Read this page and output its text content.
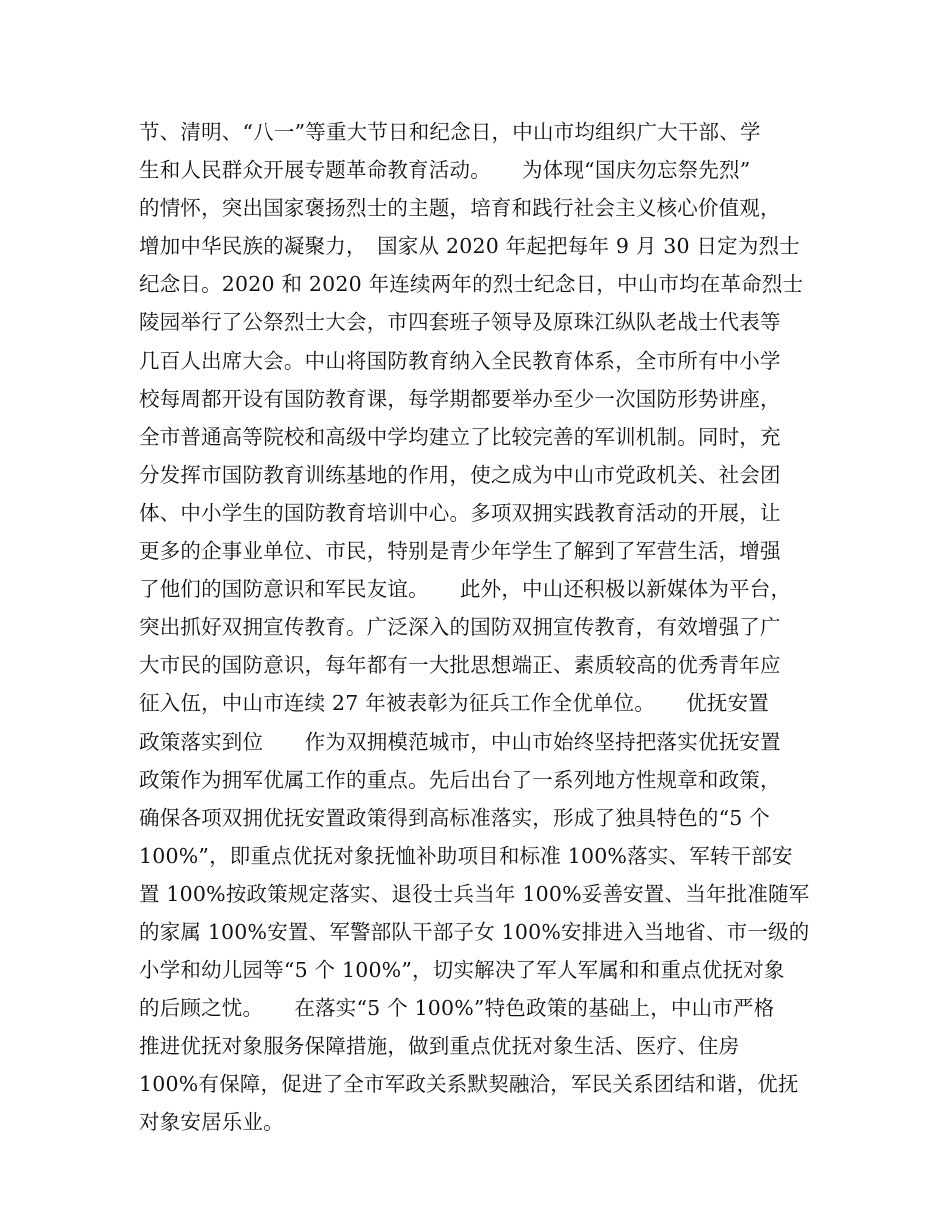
节、清明、“八一”等重大节日和纪念日，中山市均组织广大干部、学
生和人民群众开展专题革命教育活动。　　为体现“国庆勿忘祭先烈”
的情怀，突出国家褒扬烈士的主题，培育和践行社会主义核心价值观，
增加中华民族的凝聚力，　国家从 2020 年起把每年 9 月 30 日定为烈士
纪念日。2020 和 2020 年连续两年的烈士纪念日，中山市均在革命烈士
陵园举行了公祭烈士大会，市四套班子领导及原珠江纵队老战士代表等
几百人出席大会。中山将国防教育纳入全民教育体系，全市所有中小学
校每周都开设有国防教育课，每学期都要举办至少一次国防形势讲座，
全市普通高等院校和高级中学均建立了比较完善的军训机制。同时，充
分发挥市国防教育训练基地的作用，使之成为中山市党政机关、社会团
体、中小学生的国防教育培训中心。多项双拥实践教育活动的开展，让
更多的企事业单位、市民，特别是青少年学生了解到了军营生活，增强
了他们的国防意识和军民友谊。　　此外，中山还积极以新媒体为平台，
突出抓好双拥宣传教育。广泛深入的国防双拥宣传教育，有效增强了广
大市民的国防意识，每年都有一大批思想端正、素质较高的优秀青年应
征入伍，中山市连续 27 年被表彰为征兵工作全优单位。　　优抚安置
政策落实到位　　作为双拥模范城市，中山市始终坚持把落实优抚安置
政策作为拥军优属工作的重点。先后出台了一系列地方性规章和政策，
确保各项双拥优抚安置政策得到高标准落实，形成了独具特色的“5 个
100%”，即重点优抚对象抚恤补助项目和标准 100%落实、军转干部安
置 100%按政策规定落实、退役士兵当年 100%妥善安置、当年批准随军
的家属 100%安置、军警部队干部子女 100%安排进入当地省、市一级的
小学和幼儿园等“5 个 100%”，切实解决了军人军属和和重点优抚对象
的后顾之忧。　　在落实“5 个 100%”特色政策的基础上，中山市严格
推进优抚对象服务保障措施，做到重点优抚对象生活、医疗、住房
100%有保障，促进了全市军政关系默契融洽，军民关系团结和谐，优抚
对象安居乐业。
